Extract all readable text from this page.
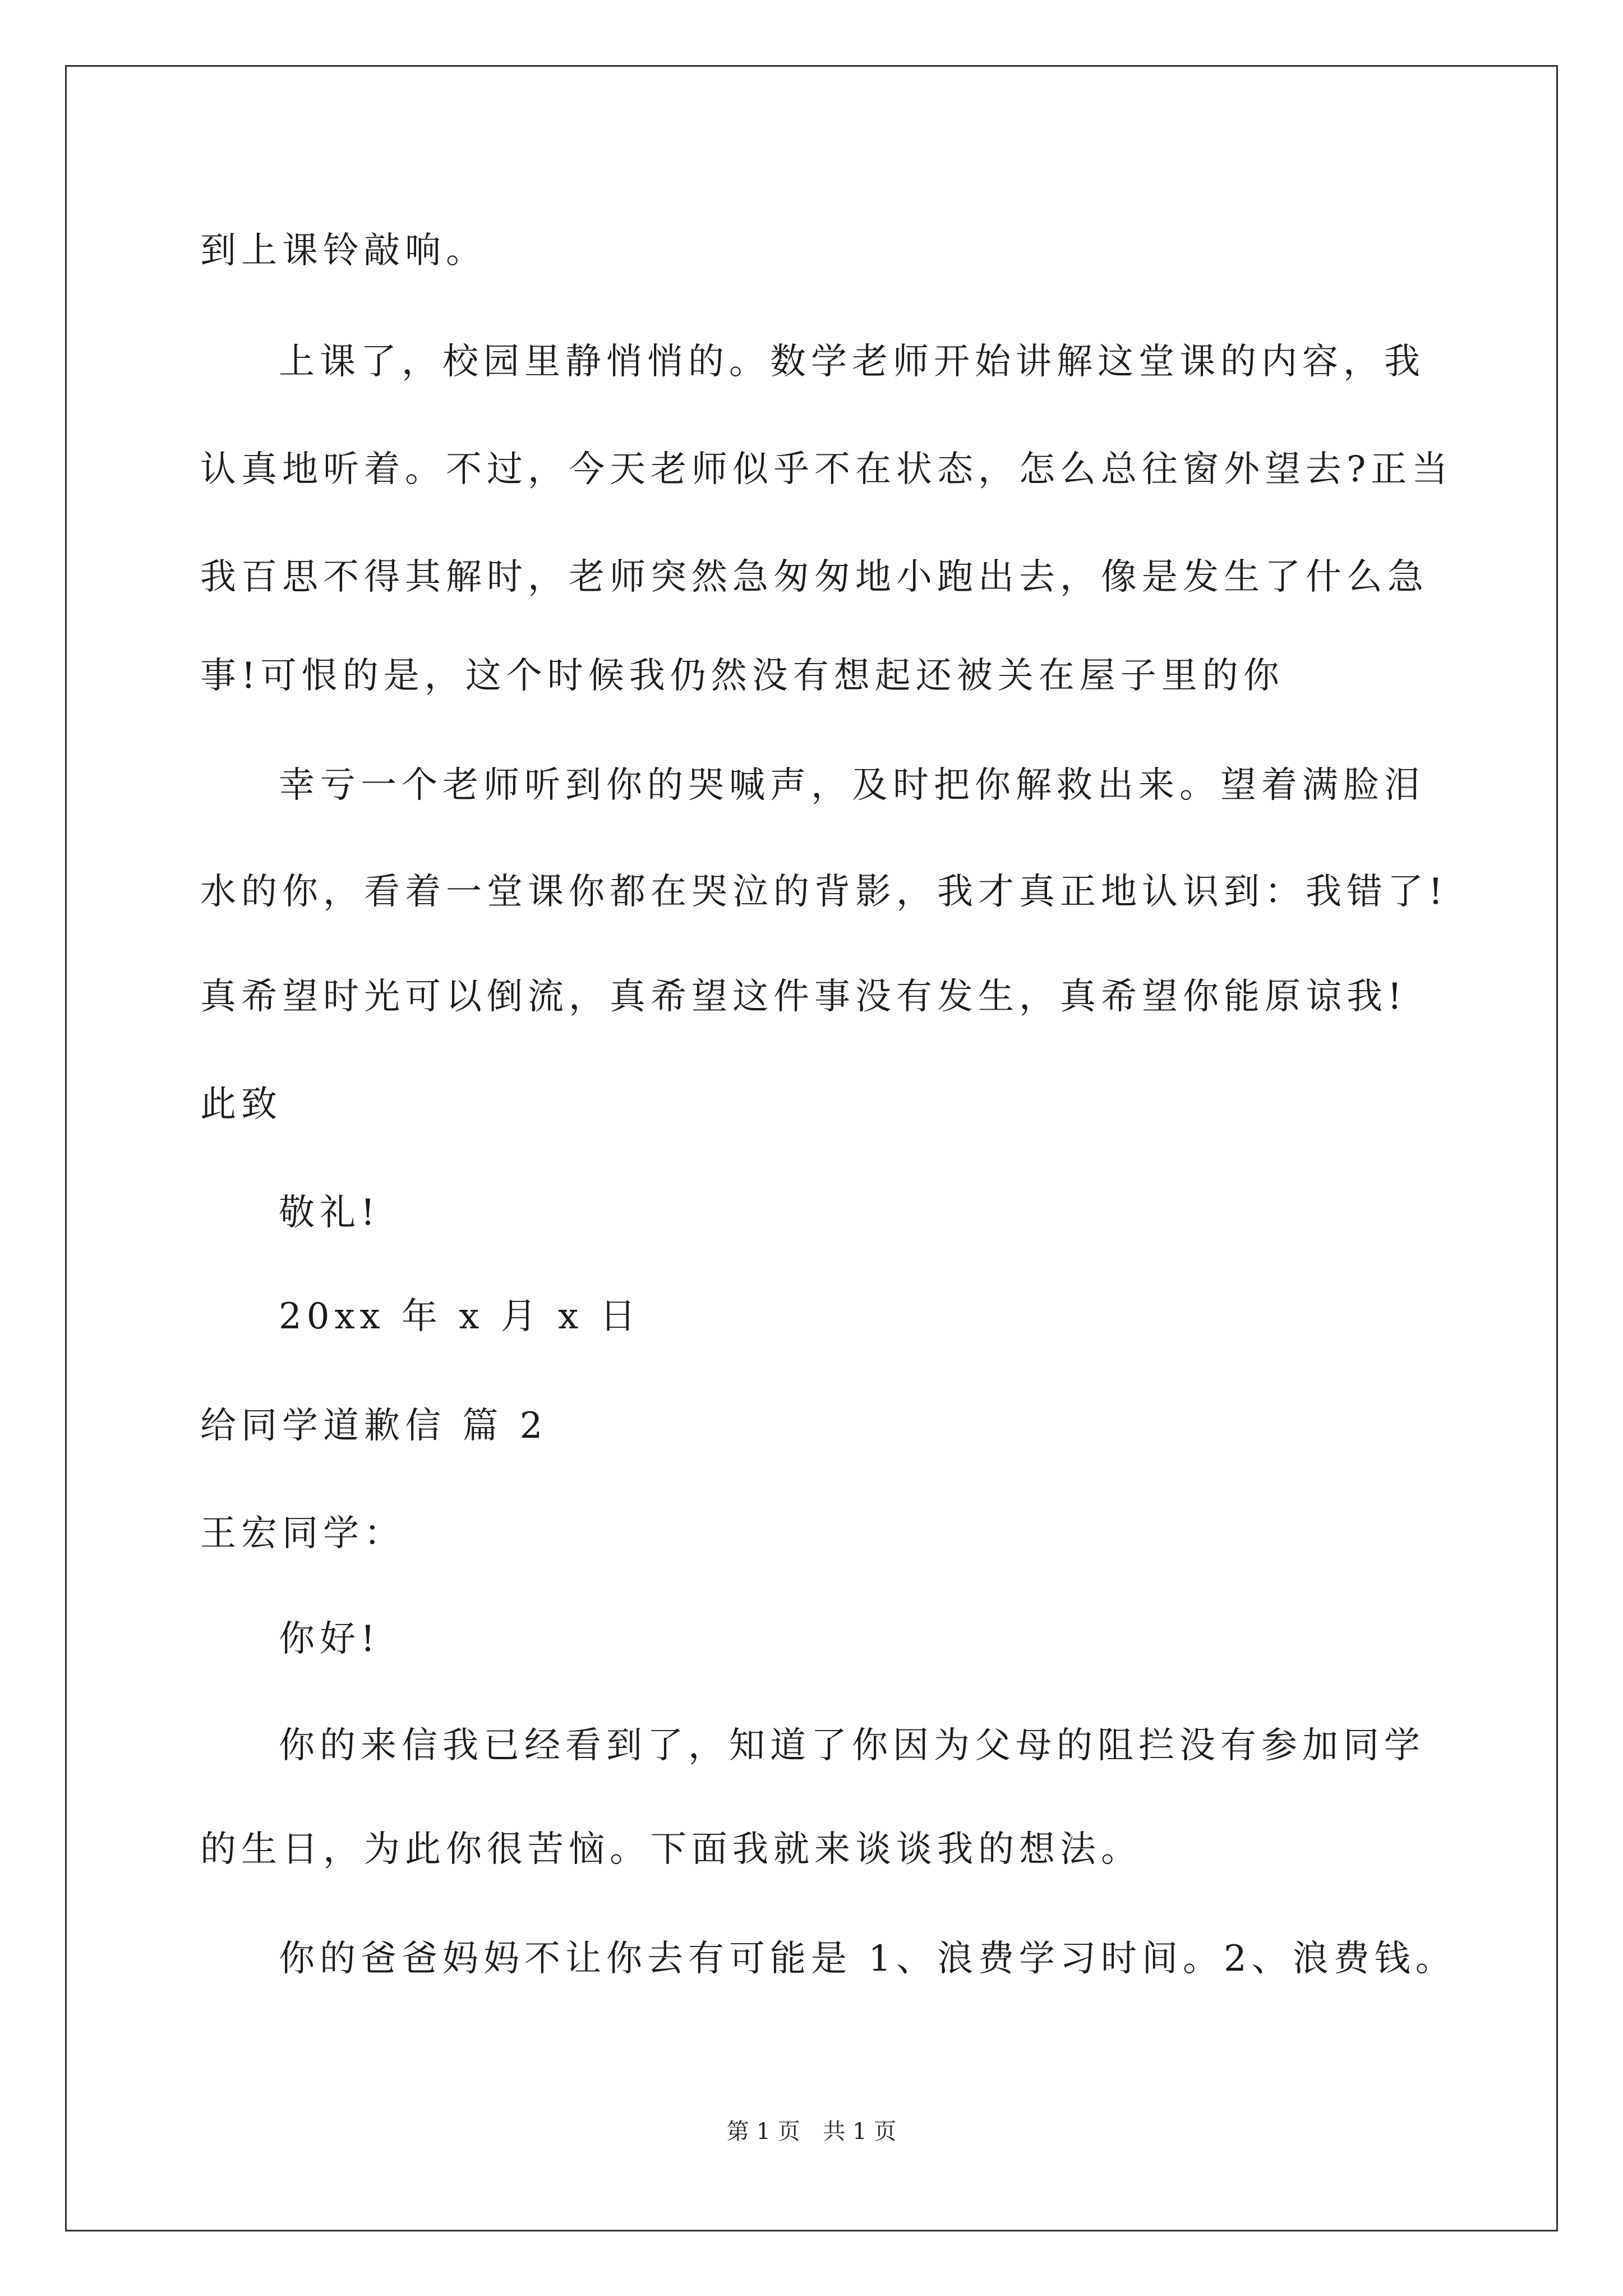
到上课铃敲响。
上课了，校园里静悄悄的。数学老师开始讲解这堂课的内容，我
认真地听着。不过，今天老师似乎不在状态，怎么总往窗外望去?正当
我百思不得其解时，老师突然急匆匆地小跑出去，像是发生了什么急
事!可恨的是，这个时候我仍然没有想起还被关在屋子里的你
幸亏一个老师听到你的哭喊声，及时把你解救出来。望着满脸泪
水的你，看着一堂课你都在哭泣的背影，我才真正地认识到：我错了!
真希望时光可以倒流，真希望这件事没有发生，真希望你能原谅我!
此致
敬礼!
20xx 年 x 月 x 日
给同学道歉信 篇 2
王宏同学：
你好!
你的来信我已经看到了，知道了你因为父母的阻拦没有参加同学
的生日，为此你很苦恼。下面我就来谈谈我的想法。
你的爸爸妈妈不让你去有可能是 1、浪费学习时间。2、浪费钱。
第 1 页 共 1 页
